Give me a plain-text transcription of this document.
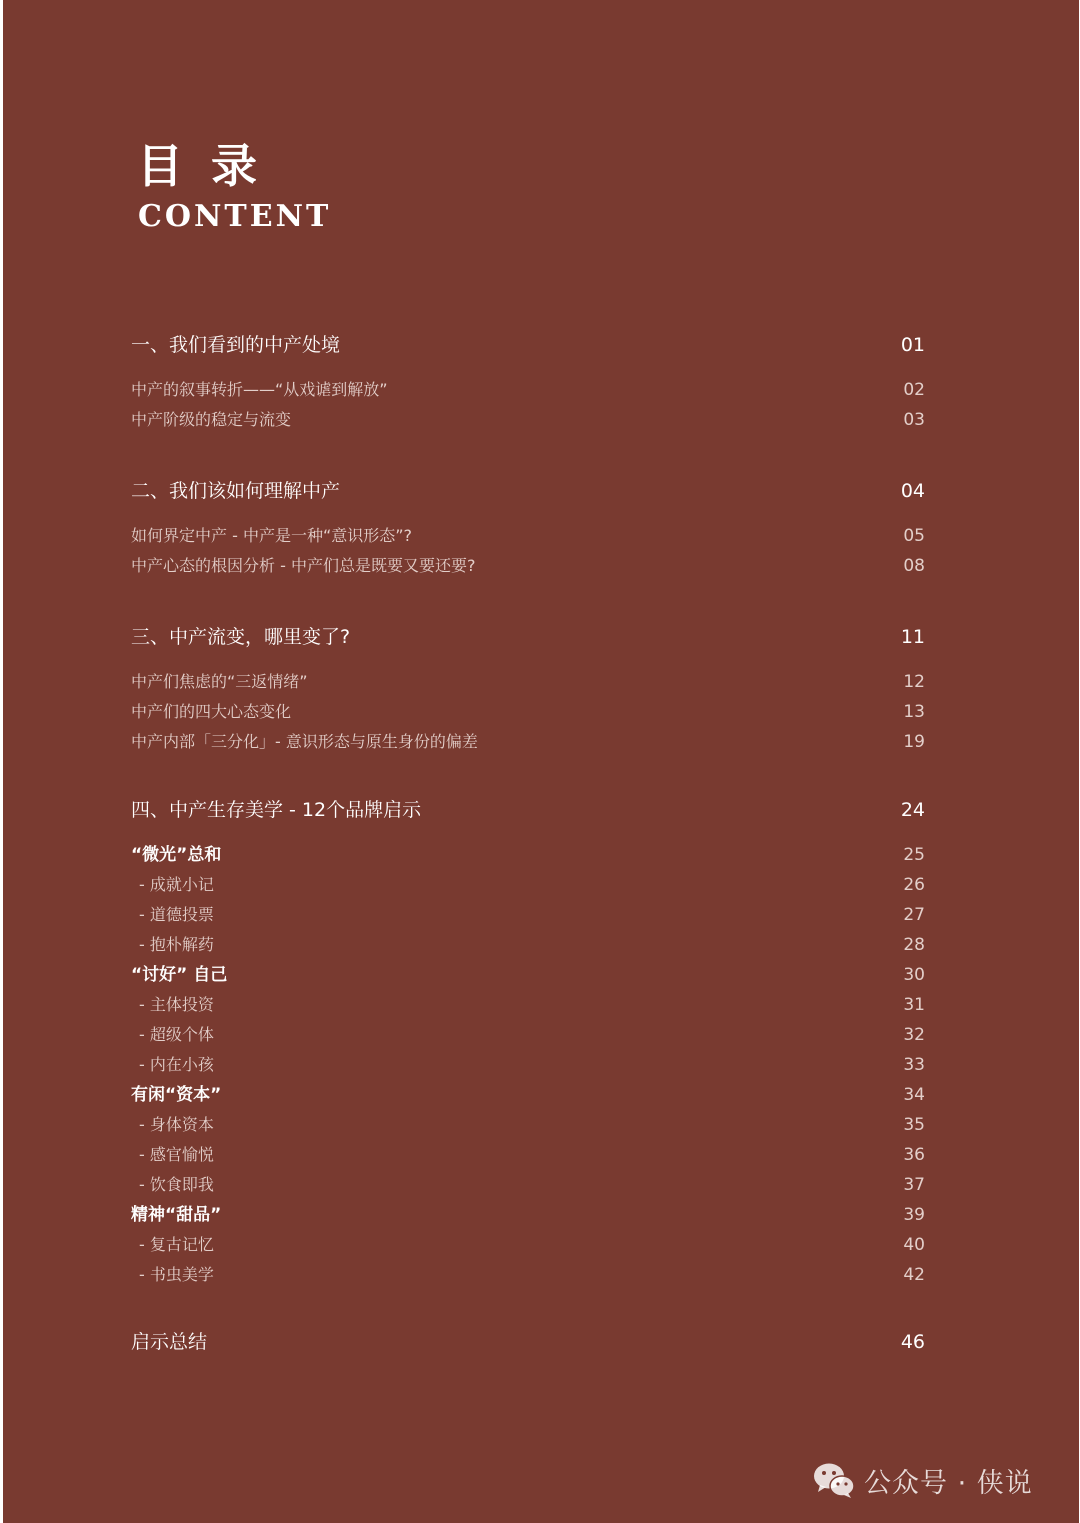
目 录
CONTENT
一、我们看到的中产处境	01
中产的叙事转折——“从戏谑到解放”	02
中产阶级的稳定与流变	03
二、我们该如何理解中产	04
如何界定中产 - 中产是一种“意识形态”?	05
中产心态的根因分析 - 中产们总是既要又要还要?	08
三、中产流变，哪里变了?	11
中产们焦虑的“三返情绪”	12
中产们的四大心态变化	13
中产内部「三分化」- 意识形态与原生身份的偏差	19
四、中产生存美学 - 12个品牌启示	24
“微光”总和	25
- 成就小记	26
- 道德投票	27
- 抱朴解药	28
“讨好” 自己	30
- 主体投资	31
- 超级个体	32
- 内在小孩	33
有闲“资本”	34
- 身体资本	35
- 感官愉悦	36
- 饮食即我	37
精神“甜品”	39
- 复古记忆	40
- 书虫美学	42
启示总结	46
公众号 · 侠说
